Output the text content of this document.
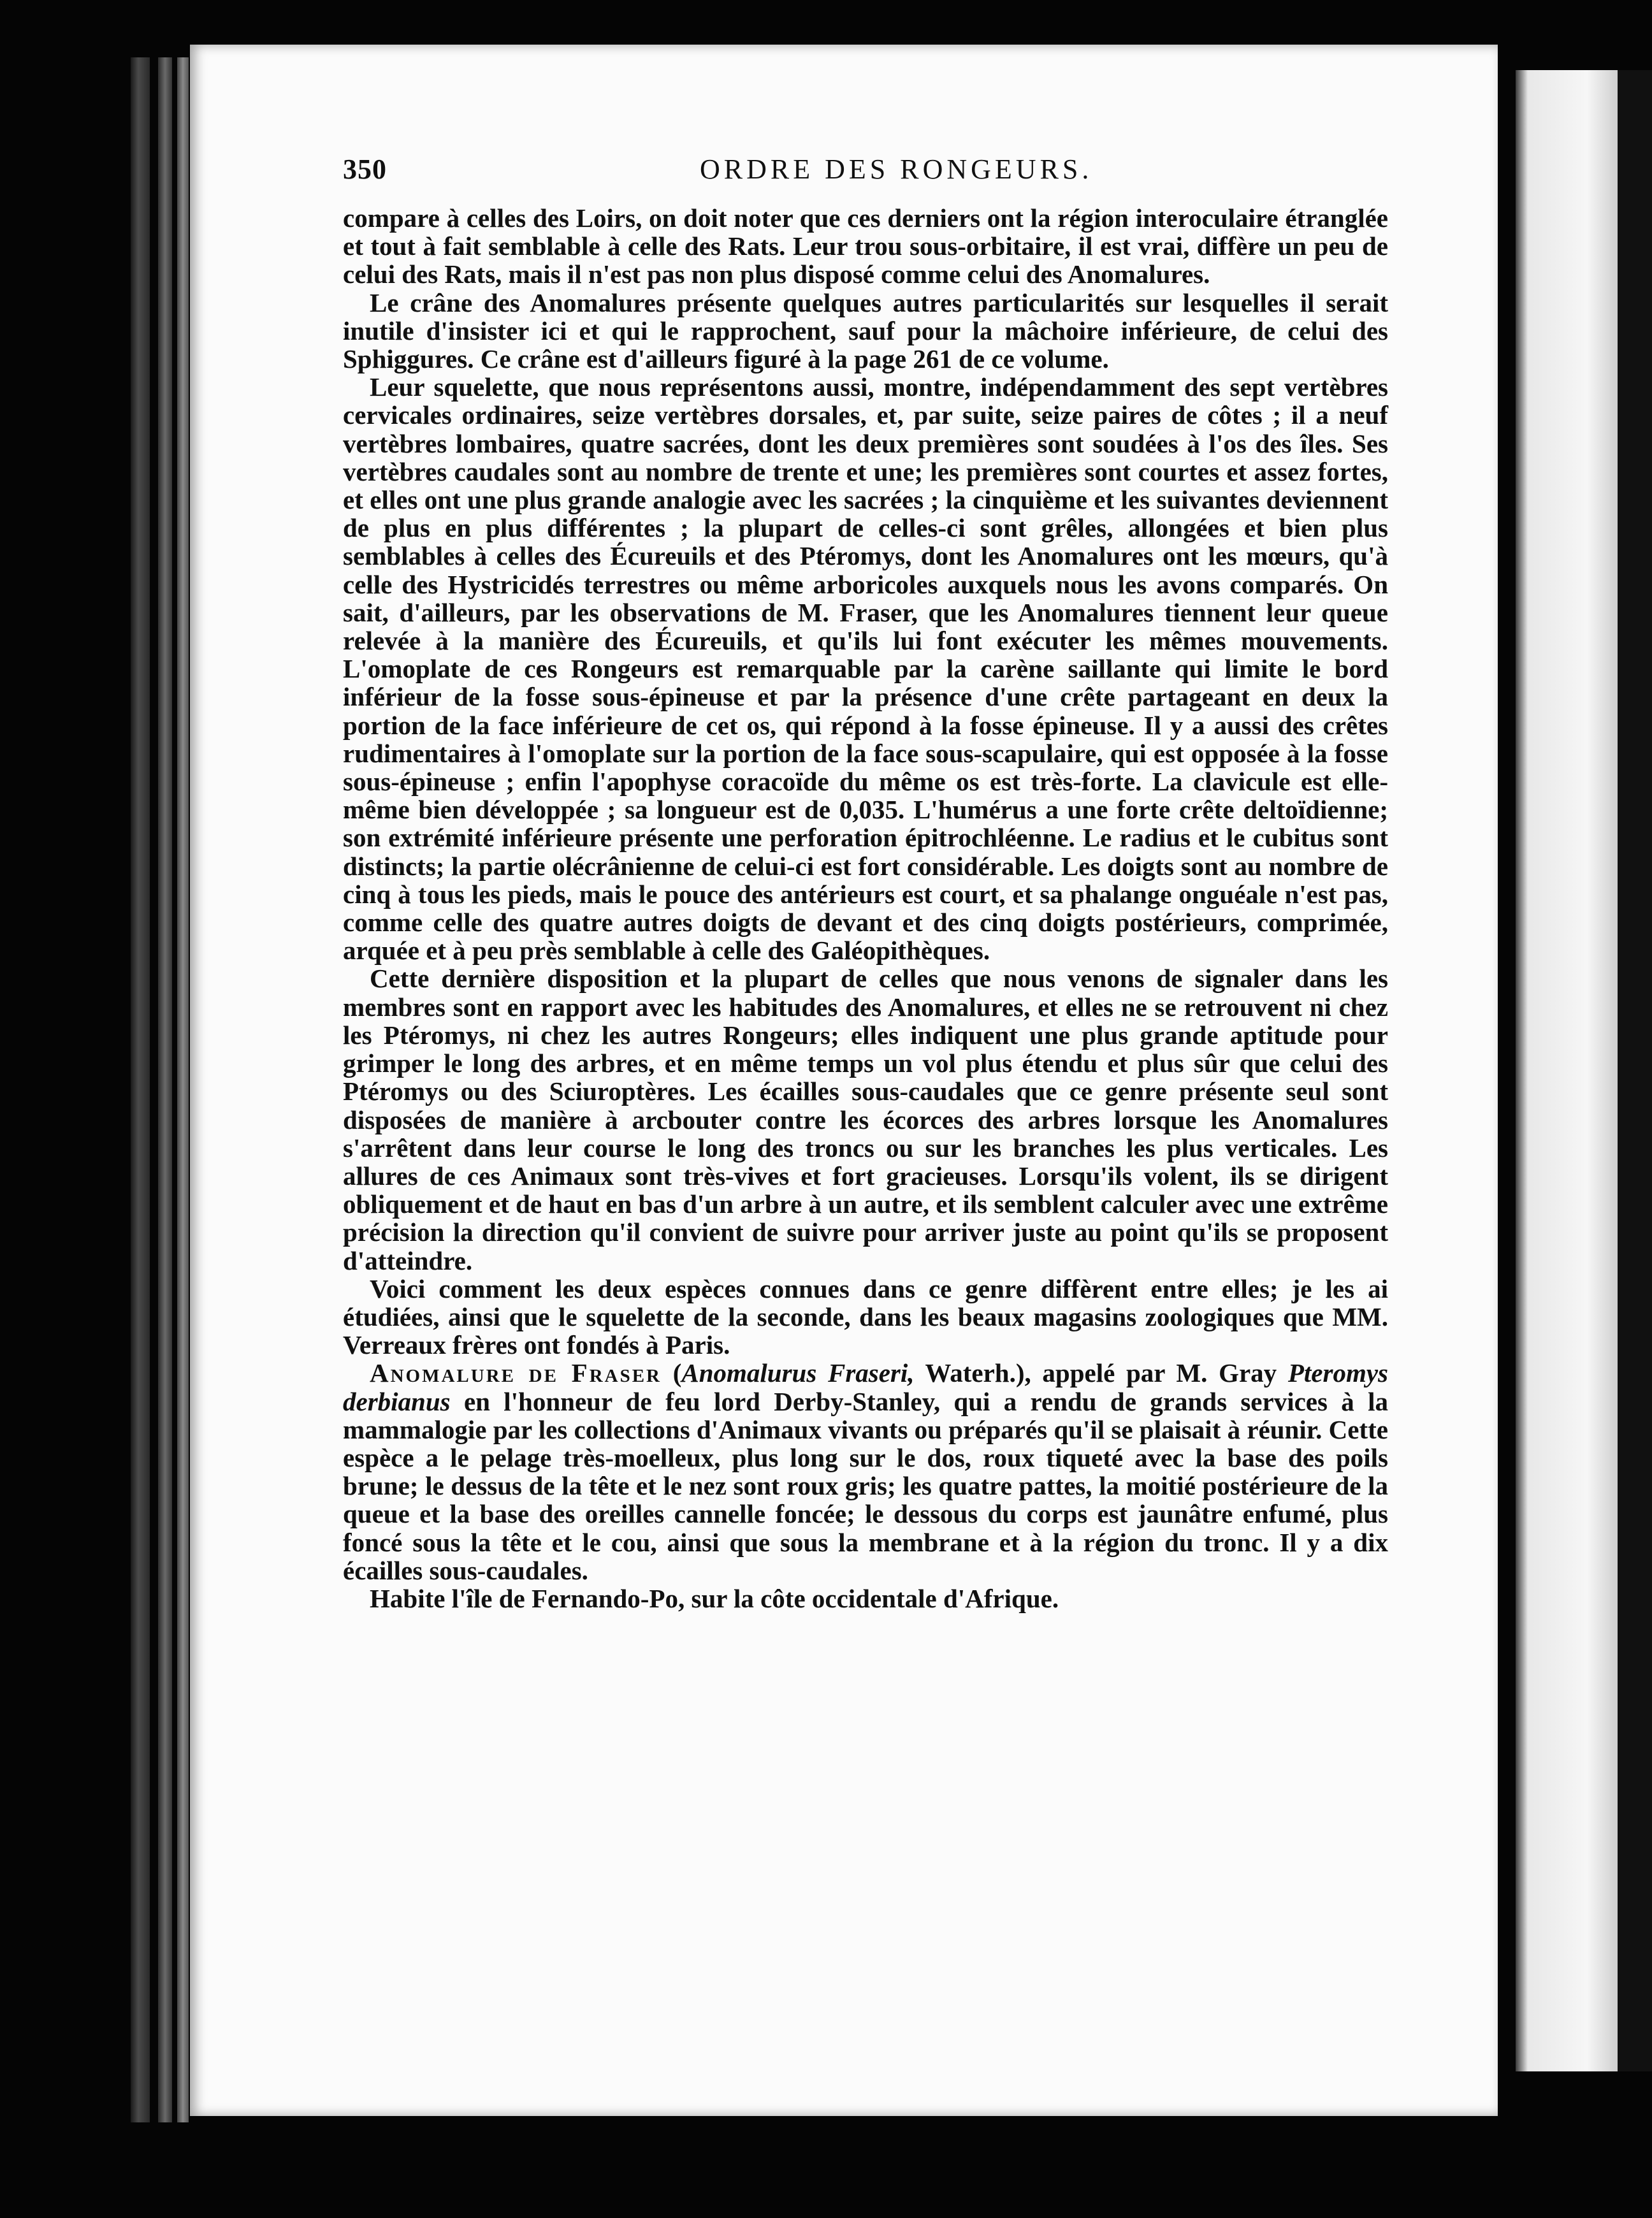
350	ORDRE DES RONGEURS.

compare à celles des Loirs, on doit noter que ces derniers ont la région interoculaire étranglée et tout à fait semblable à celle des Rats. Leur trou sous-orbitaire, il est vrai, diffère un peu de celui des Rats, mais il n'est pas non plus disposé comme celui des Anomalures.

Le crâne des Anomalures présente quelques autres particularités sur lesquelles il serait inutile d'insister ici et qui le rapprochent, sauf pour la mâchoire inférieure, de celui des Sphiggures. Ce crâne est d'ailleurs figuré à la page 261 de ce volume.

Leur squelette, que nous représentons aussi, montre, indépendamment des sept vertèbres cervicales ordinaires, seize vertèbres dorsales, et, par suite, seize paires de côtes ; il a neuf vertèbres lombaires, quatre sacrées, dont les deux premières sont soudées à l'os des îles. Ses vertèbres caudales sont au nombre de trente et une; les premières sont courtes et assez fortes, et elles ont une plus grande analogie avec les sacrées ; la cinquième et les suivantes deviennent de plus en plus différentes ; la plupart de celles-ci sont grêles, allongées et bien plus semblables à celles des Écureuils et des Ptéromys, dont les Anomalures ont les mœurs, qu'à celle des Hystricidés terrestres ou même arboricoles auxquels nous les avons comparés. On sait, d'ailleurs, par les observations de M. Fraser, que les Anomalures tiennent leur queue relevée à la manière des Écureuils, et qu'ils lui font exécuter les mêmes mouvements. L'omoplate de ces Rongeurs est remarquable par la carène saillante qui limite le bord inférieur de la fosse sous-épineuse et par la présence d'une crête partageant en deux la portion de la face inférieure de cet os, qui répond à la fosse épineuse. Il y a aussi des crêtes rudimentaires à l'omoplate sur la portion de la face sous-scapulaire, qui est opposée à la fosse sous-épineuse ; enfin l'apophyse coracoïde du même os est très-forte. La clavicule est elle-même bien développée ; sa longueur est de 0,035. L'humérus a une forte crête deltoïdienne; son extrémité inférieure présente une perforation épitrochléenne. Le radius et le cubitus sont distincts; la partie olécrânienne de celui-ci est fort considérable. Les doigts sont au nombre de cinq à tous les pieds, mais le pouce des antérieurs est court, et sa phalange onguéale n'est pas, comme celle des quatre autres doigts de devant et des cinq doigts postérieurs, comprimée, arquée et à peu près semblable à celle des Galéopithèques.

Cette dernière disposition et la plupart de celles que nous venons de signaler dans les membres sont en rapport avec les habitudes des Anomalures, et elles ne se retrouvent ni chez les Ptéromys, ni chez les autres Rongeurs; elles indiquent une plus grande aptitude pour grimper le long des arbres, et en même temps un vol plus étendu et plus sûr que celui des Ptéromys ou des Sciuroptères. Les écailles sous-caudales que ce genre présente seul sont disposées de manière à arcbouter contre les écorces des arbres lorsque les Anomalures s'arrêtent dans leur course le long des troncs ou sur les branches les plus verticales. Les allures de ces Animaux sont très-vives et fort gracieuses. Lorsqu'ils volent, ils se dirigent obliquement et de haut en bas d'un arbre à un autre, et ils semblent calculer avec une extrême précision la direction qu'il convient de suivre pour arriver juste au point qu'ils se proposent d'atteindre.

Voici comment les deux espèces connues dans ce genre diffèrent entre elles; je les ai étudiées, ainsi que le squelette de la seconde, dans les beaux magasins zoologiques que MM. Verreaux frères ont fondés à Paris.

Anomalure de Fraser (Anomalurus Fraseri, Waterh.), appelé par M. Gray Pteromys derbianus en l'honneur de feu lord Derby-Stanley, qui a rendu de grands services à la mammalogie par les collections d'Animaux vivants ou préparés qu'il se plaisait à réunir. Cette espèce a le pelage très-moelleux, plus long sur le dos, roux tiqueté avec la base des poils brune; le dessus de la tête et le nez sont roux gris; les quatre pattes, la moitié postérieure de la queue et la base des oreilles cannelle foncée; le dessous du corps est jaunâtre enfumé, plus foncé sous la tête et le cou, ainsi que sous la membrane et à la région du tronc. Il y a dix écailles sous-caudales.

Habite l'île de Fernando-Po, sur la côte occidentale d'Afrique.
